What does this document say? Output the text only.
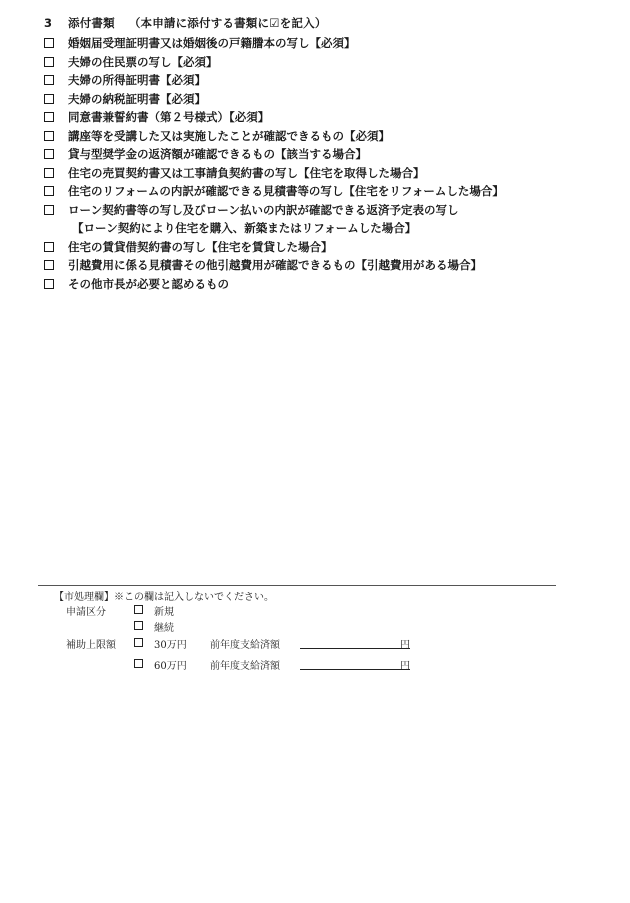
3 添付書類 （本申請に添付する書類に☑を記入）
婚姻届受理証明書又は婚姻後の戸籍謄本の写し【必須】
夫婦の住民票の写し【必須】
夫婦の所得証明書【必須】
夫婦の納税証明書【必須】
同意書兼誓約書（第２号様式）【必須】
講座等を受講した又は実施したことが確認できるもの【必須】
貸与型奨学金の返済額が確認できるもの【該当する場合】
住宅の売買契約書又は工事請負契約書の写し【住宅を取得した場合】
住宅のリフォームの内訳が確認できる見積書等の写し【住宅をリフォームした場合】
ローン契約書等の写し及びローン払いの内訳が確認できる返済予定表の写し
【ローン契約により住宅を購入、新築またはリフォームした場合】
住宅の賃貸借契約書の写し【住宅を賃貸した場合】
引越費用に係る見積書その他引越費用が確認できるもの【引越費用がある場合】
その他市長が必要と認めるもの
【市処理欄】※この欄は記入しないでください。
申請区分	新規
継続
補助上限額	30万円 前年度支給済額	円
60万円 前年度支給済額	円
